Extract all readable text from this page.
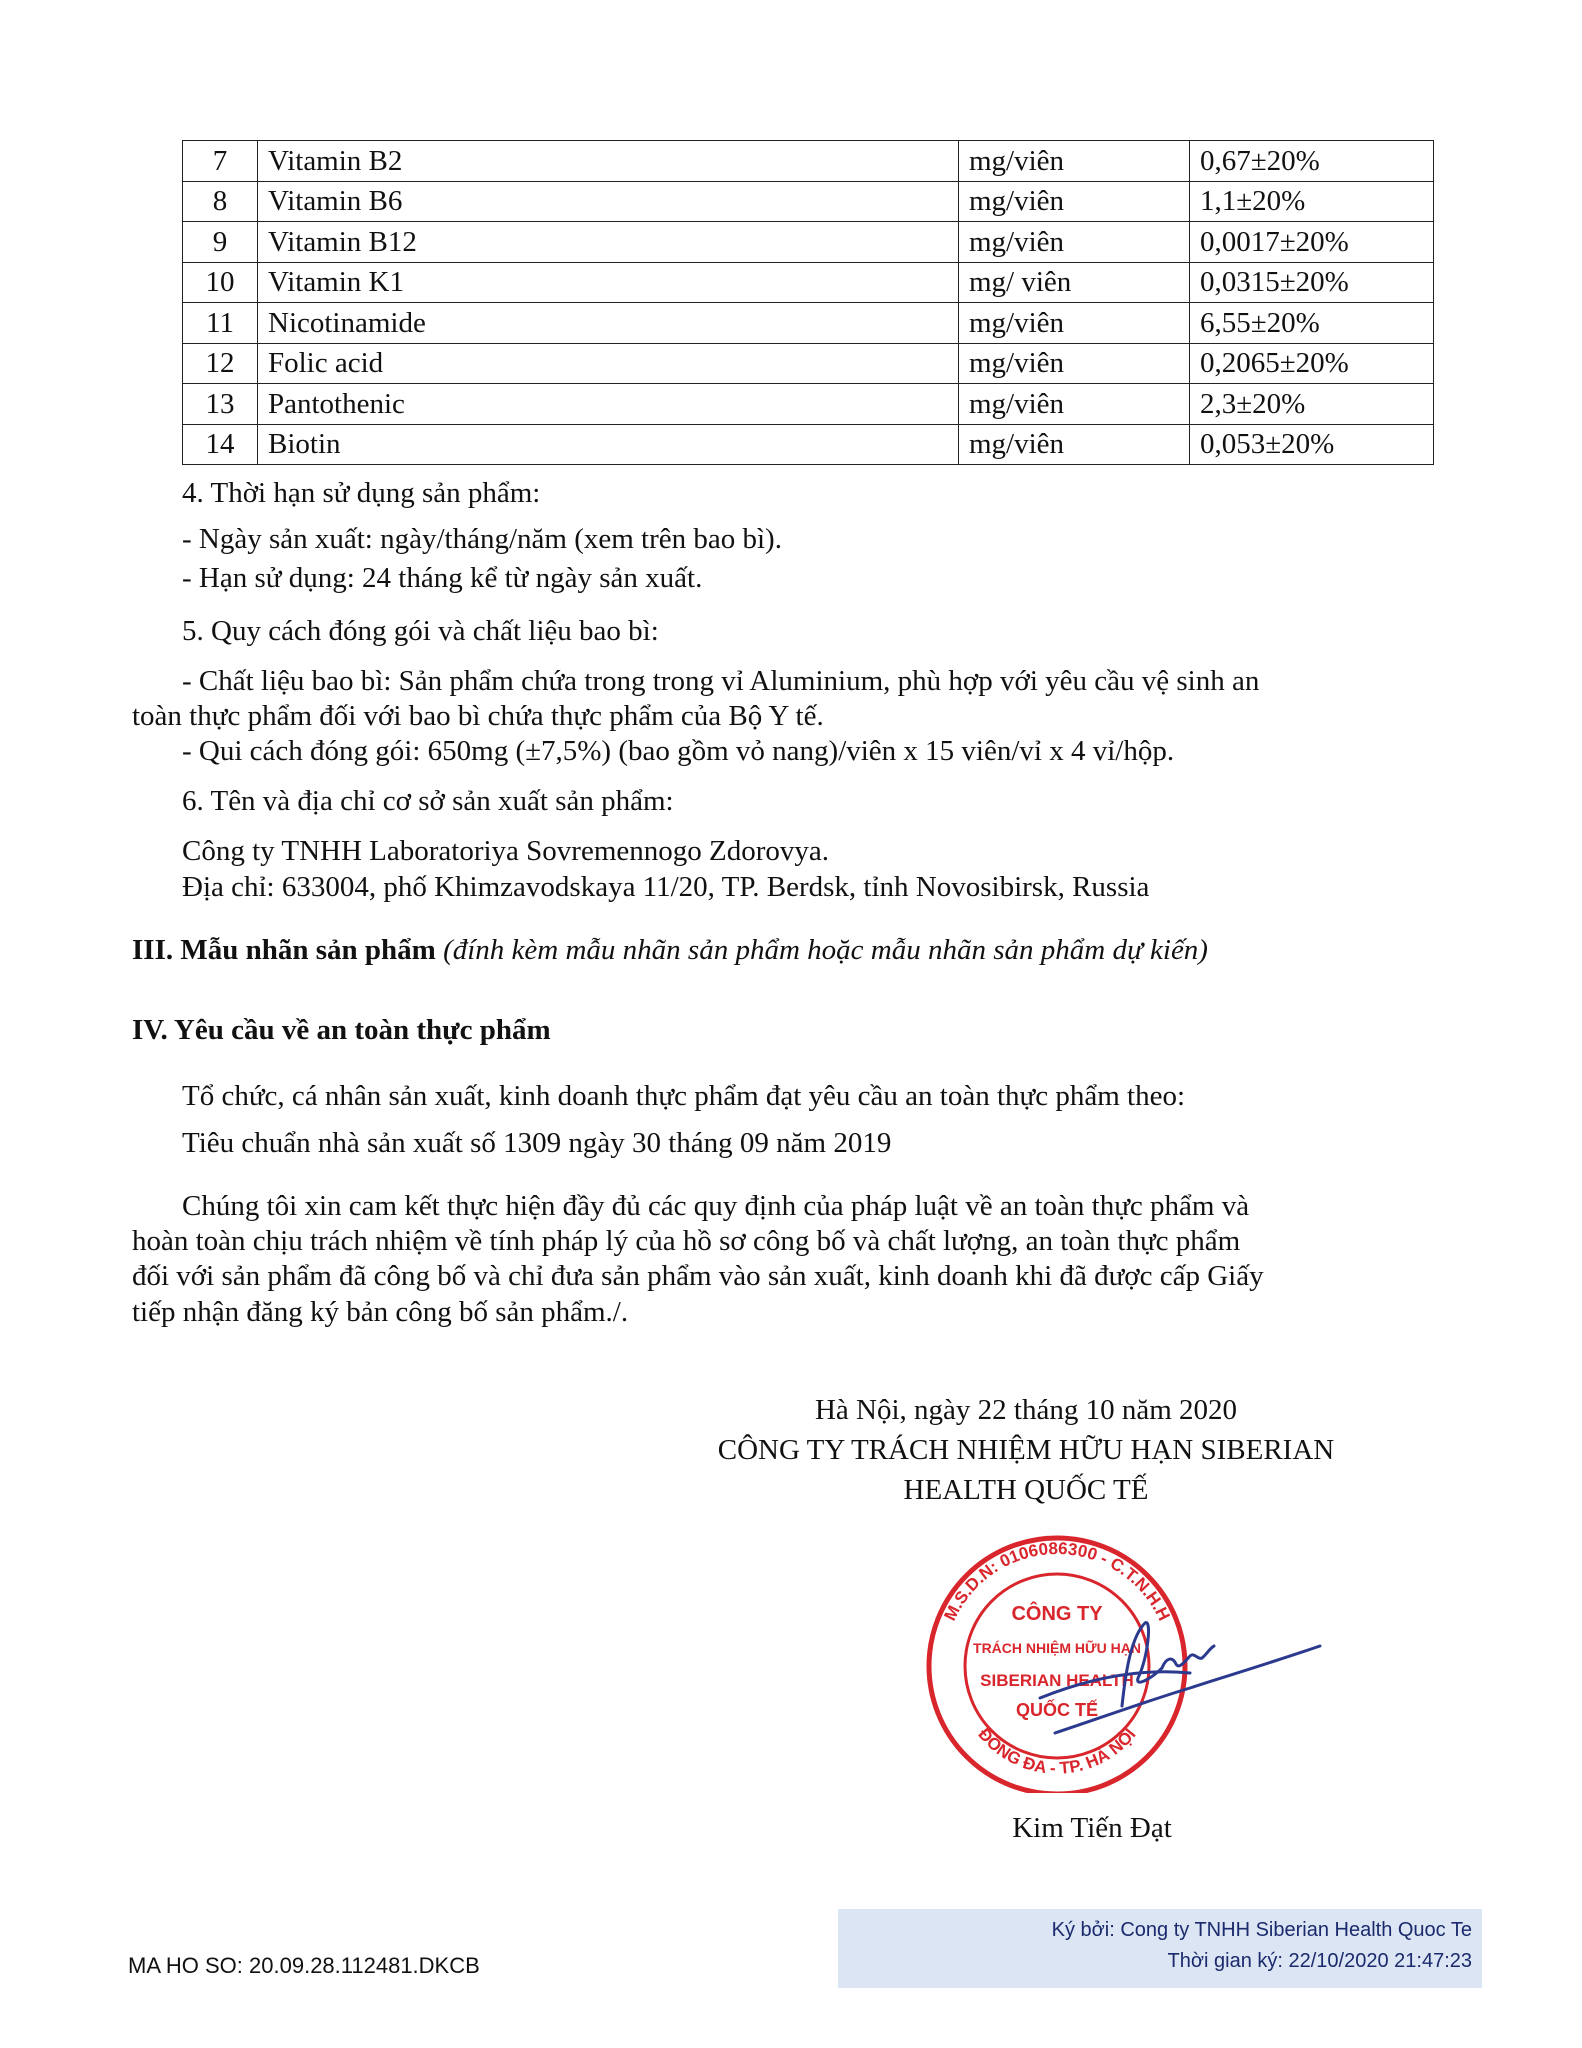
7	Vitamin B2	mg/viên	0,67±20%
8	Vitamin B6	mg/viên	1,1±20%
9	Vitamin B12	mg/viên	0,0017±20%
10	Vitamin K1	mg/ viên	0,0315±20%
11	Nicotinamide	mg/viên	6,55±20%
12	Folic acid	mg/viên	0,2065±20%
13	Pantothenic	mg/viên	2,3±20%
14	Biotin	mg/viên	0,053±20%
4. Thời hạn sử dụng sản phẩm:
- Ngày sản xuất: ngày/tháng/năm (xem trên bao bì).
- Hạn sử dụng: 24 tháng kể từ ngày sản xuất.
5. Quy cách đóng gói và chất liệu bao bì:
- Chất liệu bao bì: Sản phẩm chứa trong trong vỉ Aluminium, phù hợp với yêu cầu vệ sinh an
toàn thực phẩm đối với bao bì chứa thực phẩm của Bộ Y tế.
- Qui cách đóng gói: 650mg (±7,5%) (bao gồm vỏ nang)/viên x 15 viên/vỉ x 4 vỉ/hộp.
6. Tên và địa chỉ cơ sở sản xuất sản phẩm:
Công ty TNHH Laboratoriya Sovremennogo Zdorovya.
Địa chỉ: 633004, phố Khimzavodskaya 11/20, TP. Berdsk, tỉnh Novosibirsk, Russia
III. Mẫu nhãn sản phẩm (đính kèm mẫu nhãn sản phẩm hoặc mẫu nhãn sản phẩm dự kiến)
IV. Yêu cầu về an toàn thực phẩm
Tổ chức, cá nhân sản xuất, kinh doanh thực phẩm đạt yêu cầu an toàn thực phẩm theo:
Tiêu chuẩn nhà sản xuất số 1309 ngày 30 tháng 09 năm 2019
Chúng tôi xin cam kết thực hiện đầy đủ các quy định của pháp luật về an toàn thực phẩm và
hoàn toàn chịu trách nhiệm về tính pháp lý của hồ sơ công bố và chất lượng, an toàn thực phẩm
đối với sản phẩm đã công bố và chỉ đưa sản phẩm vào sản xuất, kinh doanh khi đã được cấp Giấy
tiếp nhận đăng ký bản công bố sản phẩm./.
Hà Nội, ngày 22 tháng 10 năm 2020
CÔNG TY TRÁCH NHIỆM HỮU HẠN SIBERIAN
HEALTH QUỐC TẾ
M.S.D.N: 0106086300 - C.T.N.H.H
ĐỐNG ĐA - TP. HÀ NỘI
CÔNG TY
TRÁCH NHIỆM HỮU HẠN
SIBERIAN HEALTH
QUỐC TẾ
Kim Tiến Đạt
Ký bởi: Cong ty TNHH Siberian Health Quoc Te
Thời gian ký: 22/10/2020 21:47:23
MA HO SO: 20.09.28.112481.DKCB
